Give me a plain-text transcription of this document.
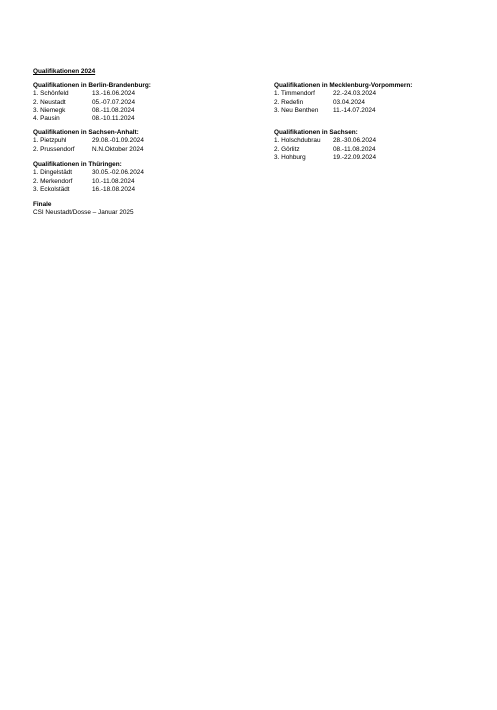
Qualifikationen 2024
Qualifikationen in Berlin-Brandenburg:
1. Schönfeld	13.-16.06.2024
2. Neustadt	05.-07.07.2024
3. Niemegk	08.-11.08.2024
4. Pausin	08.-10.11.2024
Qualifikationen in Mecklenburg-Vorpommern:
1. Timmendorf	22.-24.03.2024
2. Redefin	03.04.2024
3. Neu Benthen 11.-14.07.2024
Qualifikationen in Sachsen-Anhalt:
1. Pietzpuhl	29.08.-01.09.2024
2. Prussendorf	N.N.Oktober 2024
Qualifikationen in Sachsen:
1. Holschdubrau 28.-30.06.2024
2. Görlitz	08.-11.08.2024
3. Hohburg	19.-22.09.2024
Qualifikationen in Thüringen:
1. Dingelstädt	30.05.-02.06.2024
2. Merkendorf	10.-11.08.2024
3. Eckolstädt	16.-18.08.2024
Finale
CSI Neustadt/Dosse – Januar 2025
